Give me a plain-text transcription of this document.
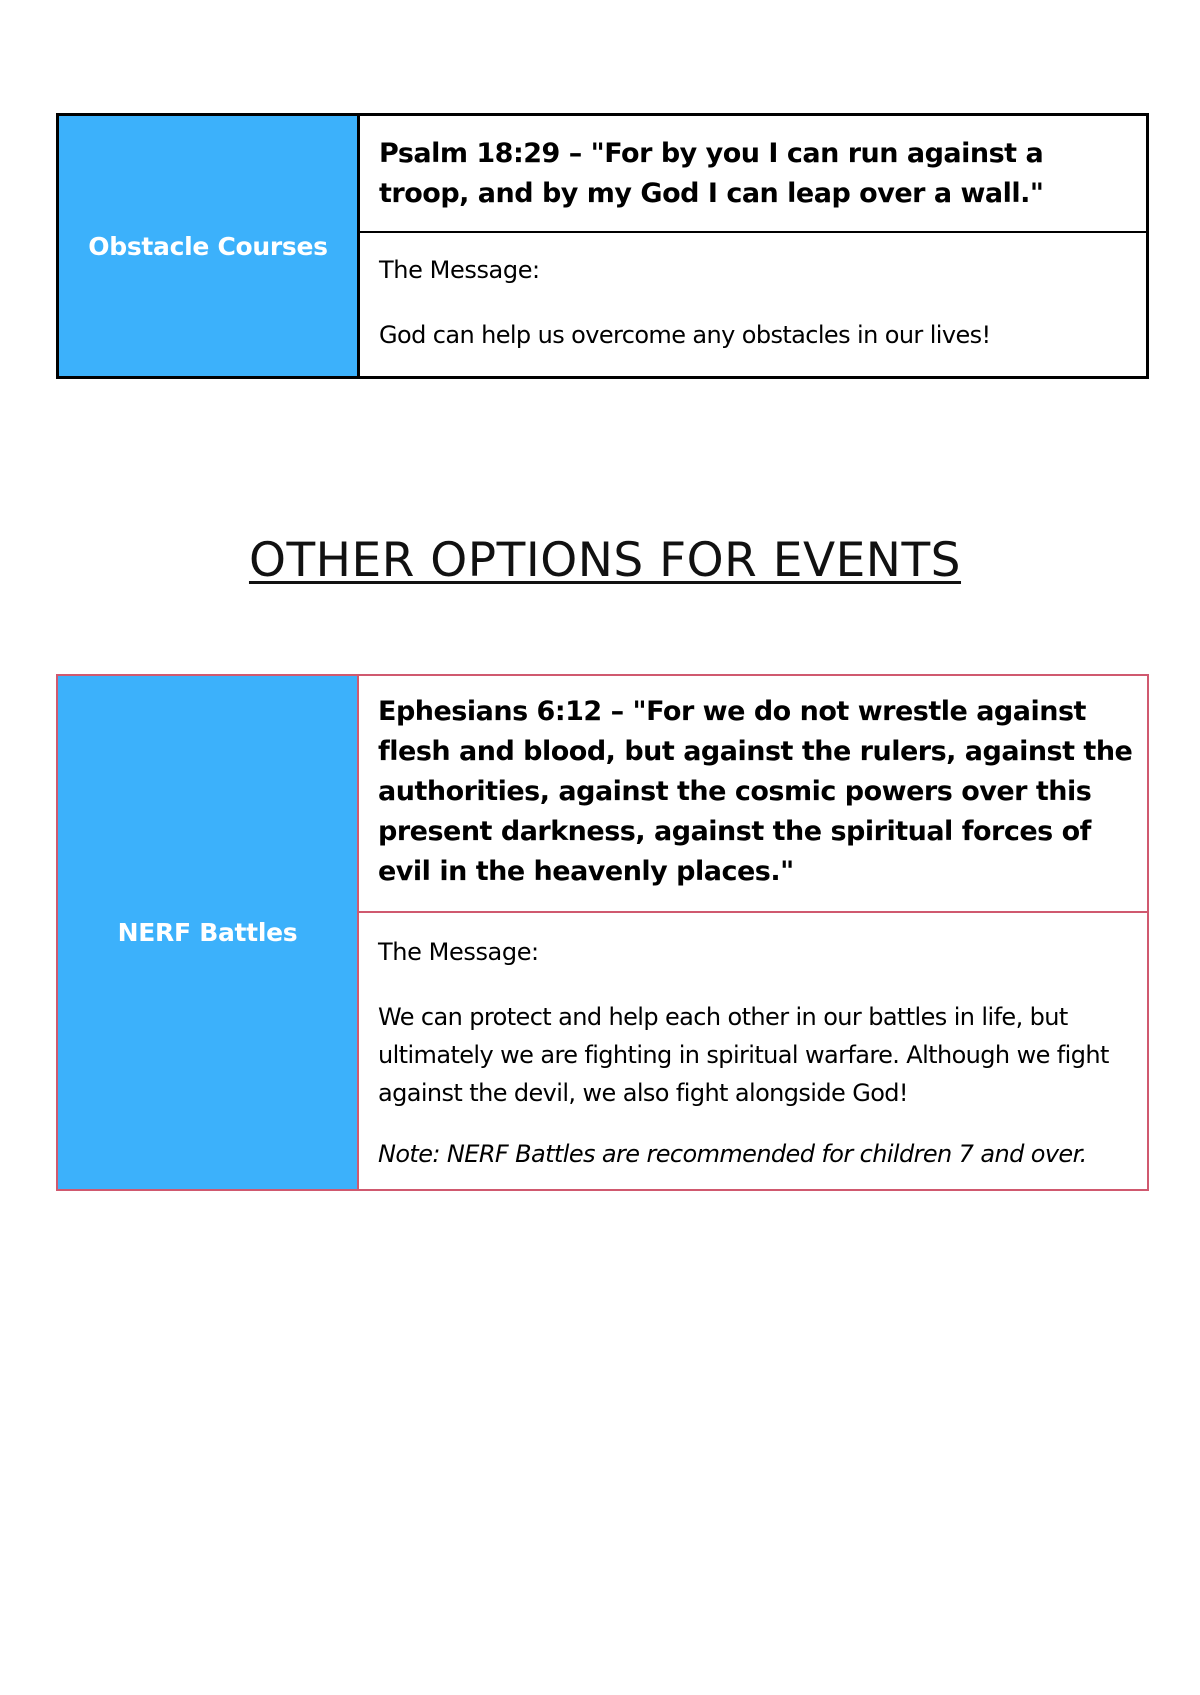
Obstacle Courses

Psalm 18:29 – "For by you I can run against a troop, and by my God I can leap over a wall."

The Message:

God can help us overcome any obstacles in our lives!

OTHER OPTIONS FOR EVENTS
NERF Battles

Ephesians 6:12 – "For we do not wrestle against flesh and blood, but against the rulers, against the authorities, against the cosmic powers over this present darkness, against the spiritual forces of evil in the heavenly places."

The Message:

We can protect and help each other in our battles in life, but ultimately we are fighting in spiritual warfare. Although we fight against the devil, we also fight alongside God!

Note: NERF Battles are recommended for children 7 and over.
